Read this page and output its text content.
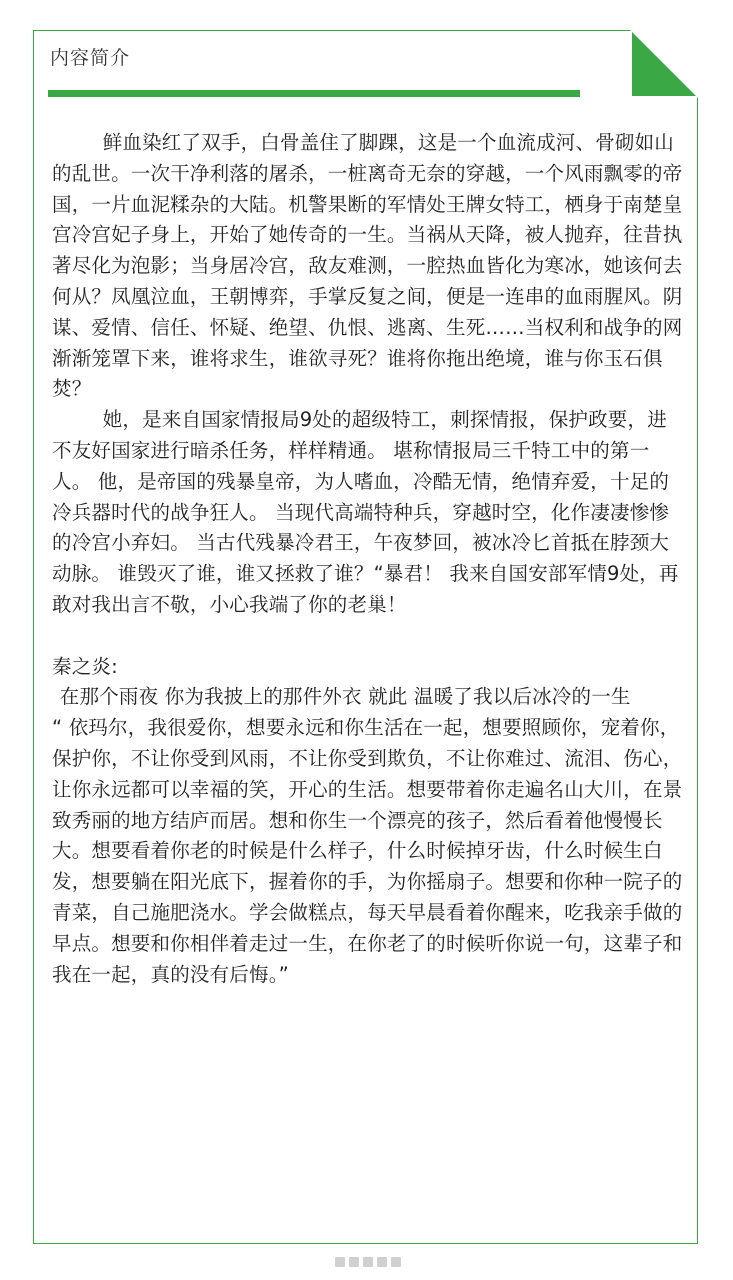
内容简介

鲜血染红了双手，白骨盖住了脚踝，这是一个血流成河、骨砌如山的乱世。一次干净利落的屠杀，一桩离奇无奈的穿越，一个风雨飘零的帝国，一片血泥糅杂的大陆。机警果断的军情处王牌女特工，栖身于南楚皇宫冷宫妃子身上，开始了她传奇的一生。当祸从天降，被人抛弃，往昔执著尽化为泡影；当身居冷宫，敌友难测，一腔热血皆化为寒冰，她该何去何从？凤凰泣血，王朝博弈，手掌反复之间，便是一连串的血雨腥风。阴谋、爱情、信任、怀疑、绝望、仇恨、逃离、生死……当权利和战争的网渐渐笼罩下来，谁将求生，谁欲寻死？谁将你拖出绝境，谁与你玉石俱焚？

她，是来自国家情报局9处的超级特工，刺探情报，保护政要，进不友好国家进行暗杀任务，样样精通。 堪称情报局三千特工中的第一人。 他，是帝国的残暴皇帝，为人嗜血，冷酷无情，绝情弃爱，十足的冷兵器时代的战争狂人。 当现代高端特种兵，穿越时空，化作凄凄惨惨的冷宫小弃妇。 当古代残暴冷君王，午夜梦回，被冰冷匕首抵在脖颈大动脉。 谁毁灭了谁，谁又拯救了谁？“暴君！ 我来自国安部军情9处，再敢对我出言不敬，小心我端了你的老巢！

秦之炎:

在那个雨夜 你为我披上的那件外衣 就此 温暖了我以后冰冷的一生

“ 依玛尔，我很爱你，想要永远和你生活在一起，想要照顾你，宠着你，保护你，不让你受到风雨，不让你受到欺负，不让你难过、流泪、伤心，让你永远都可以幸福的笑，开心的生活。想要带着你走遍名山大川，在景致秀丽的地方结庐而居。想和你生一个漂亮的孩子，然后看着他慢慢长大。想要看着你老的时候是什么样子，什么时候掉牙齿，什么时候生白发，想要躺在阳光底下，握着你的手，为你摇扇子。想要和你种一院子的青菜，自己施肥浇水。学会做糕点，每天早晨看着你醒来，吃我亲手做的早点。想要和你相伴着走过一生，在你老了的时候听你说一句，这辈子和我在一起，真的没有后悔。”
